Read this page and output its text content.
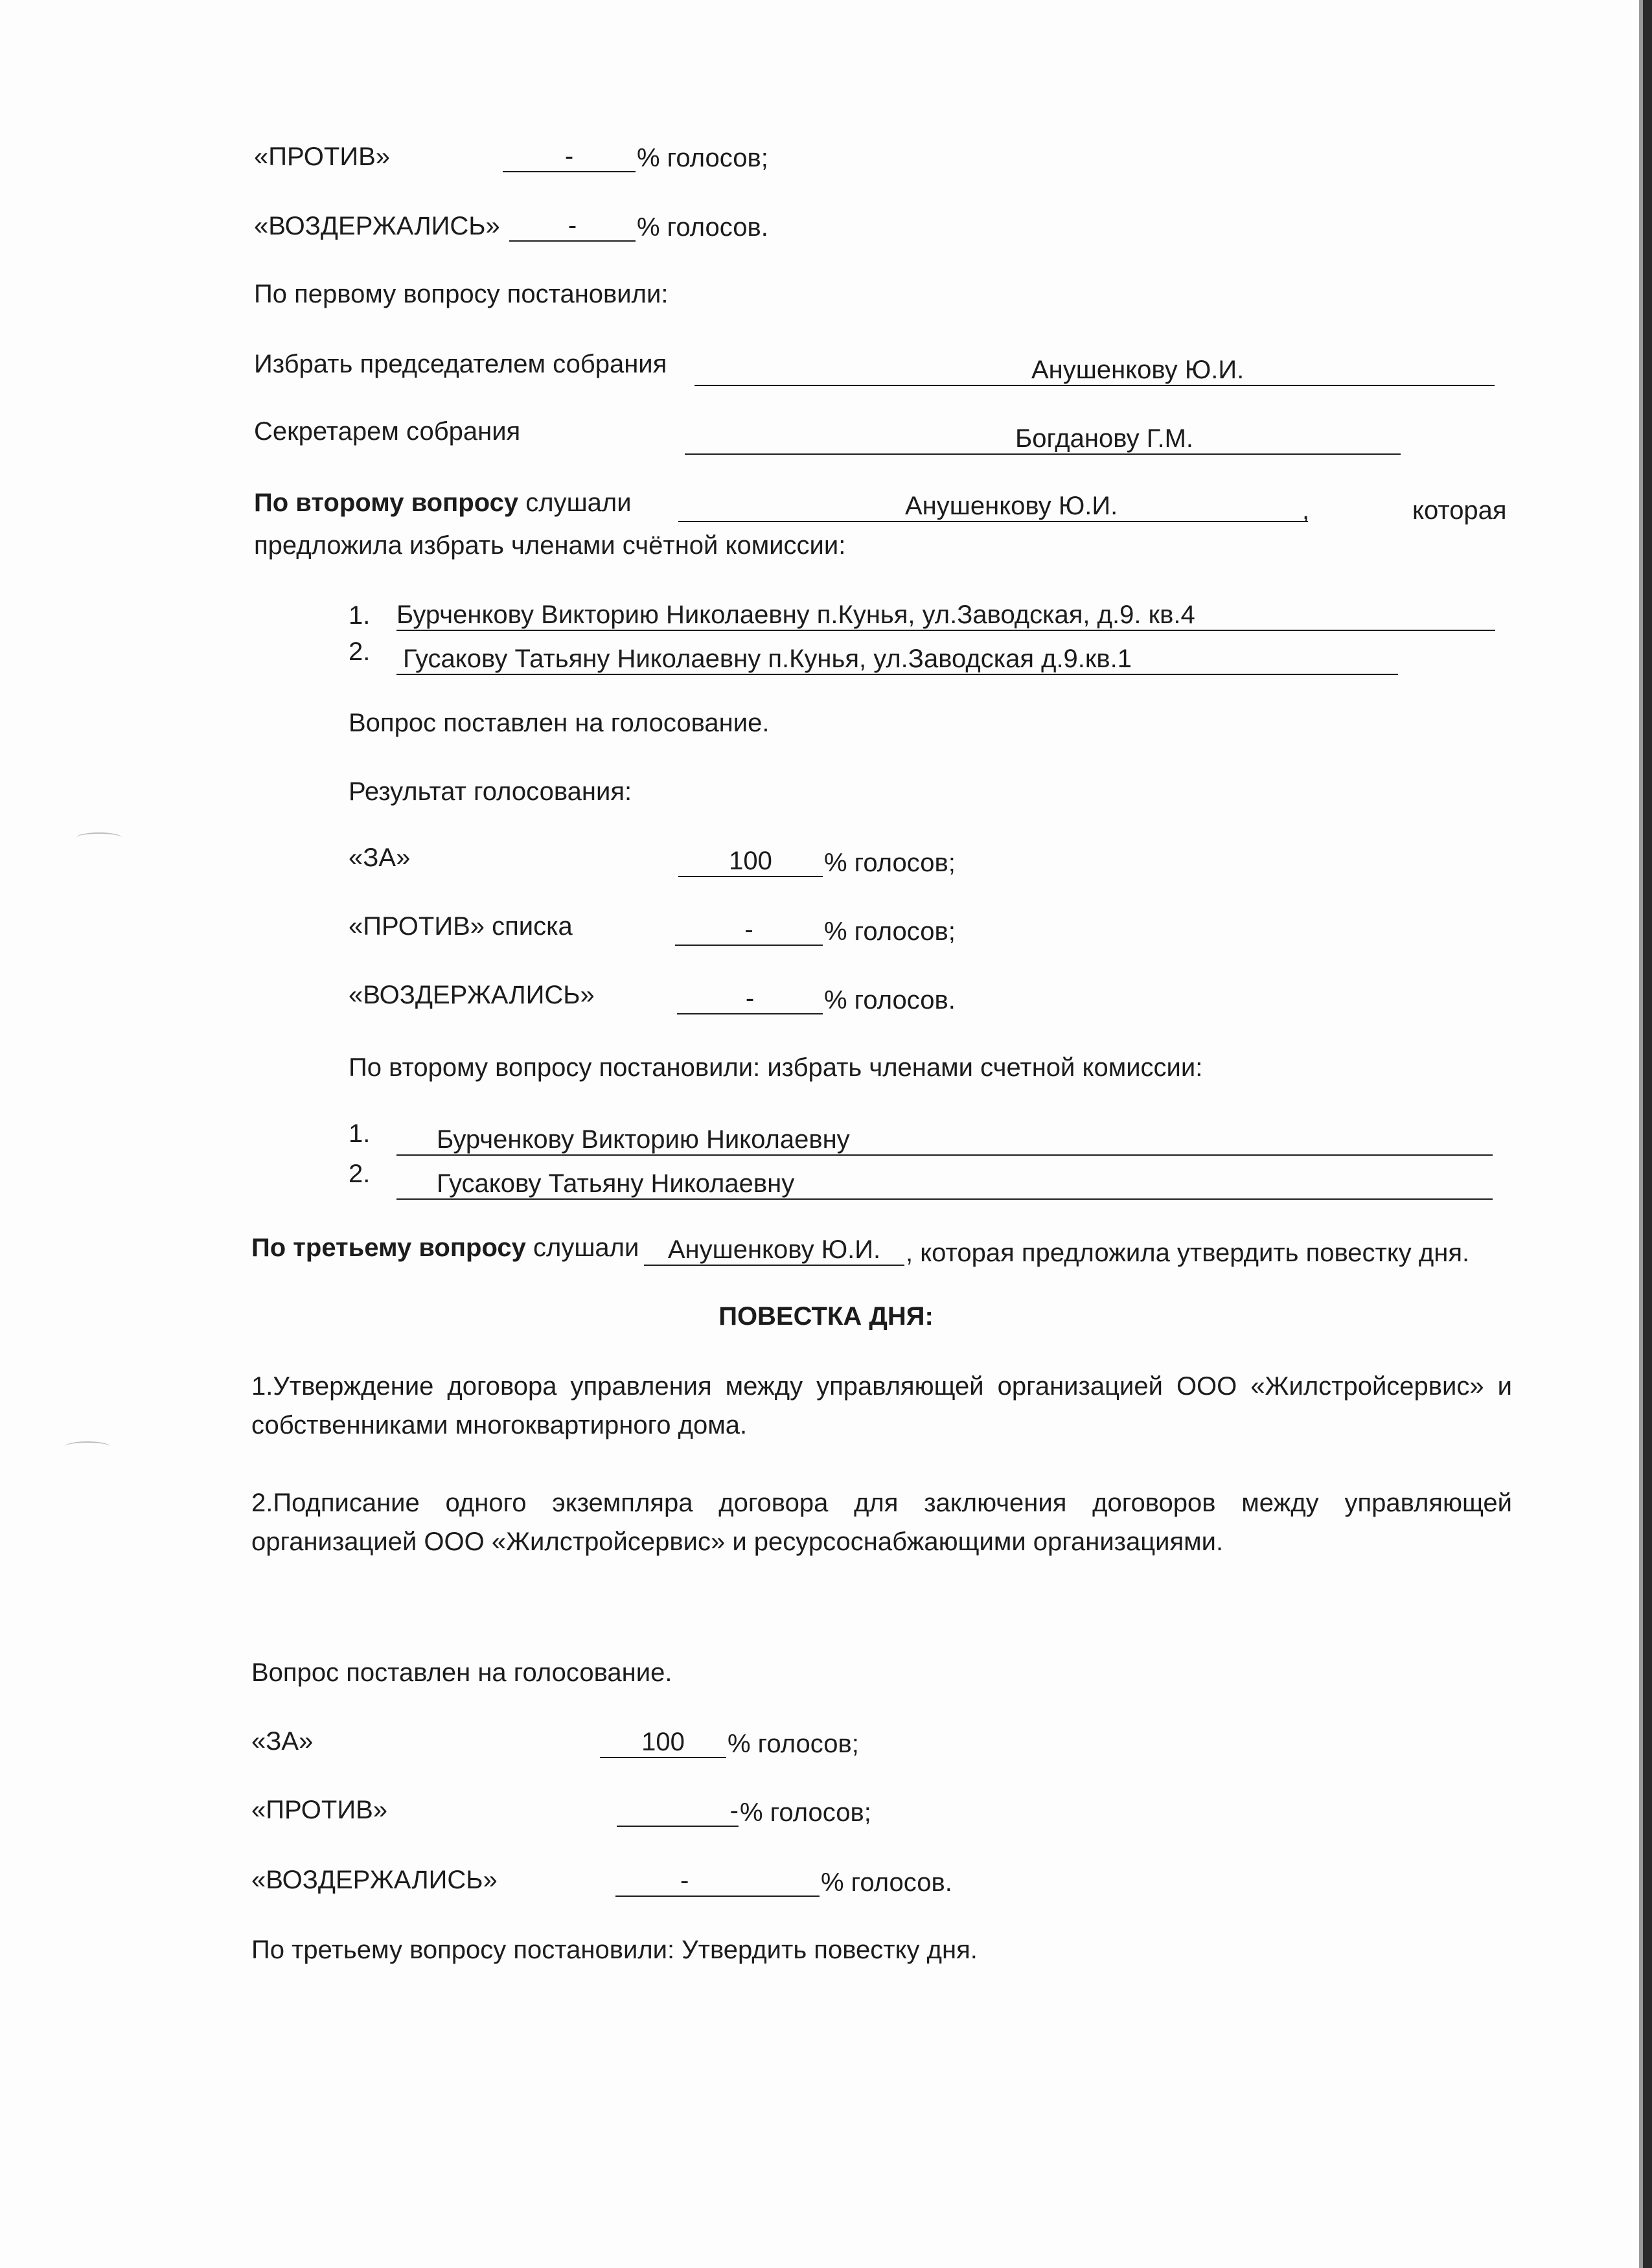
«ПРОТИВ»	-	% голосов;
«ВОЗДЕРЖАЛИСЬ»	-	% голосов.
По первому вопросу постановили:
Избрать председателем собрания	Анушенкову Ю.И.
Секретарем собрания	Богданову Г.М.
По второму вопросу слушали	Анушенкову Ю.И.	,	которая
предложила избрать членами счётной комиссии:
1. Бурченкову Викторию Николаевну п.Кунья, ул.Заводская, д.9. кв.4
2. Гусакову Татьяну Николаевну п.Кунья, ул.Заводская д.9.кв.1
Вопрос поставлен на голосование.
Результат голосования:
«ЗА»	100	% голосов;
«ПРОТИВ» списка	-	% голосов;
«ВОЗДЕРЖАЛИСЬ»	-	% голосов.
По второму вопросу постановили: избрать членами счетной комиссии:
1.	Бурченкову Викторию Николаевну
2.	Гусакову Татьяну Николаевну
По третьему вопросу слушали	Анушенкову Ю.И. , которая предложила утвердить повестку дня.
ПОВЕСТКА ДНЯ:
1.Утверждение договора управления между управляющей организацией ООО «Жилстройсервис» и собственниками многоквартирного дома.
2.Подписание одного экземпляра договора для заключения договоров между управляющей организацией ООО «Жилстройсервис» и ресурсоснабжающими организациями.
Вопрос поставлен на голосование.
«ЗА»	100	% голосов;
«ПРОТИВ»	- % голосов;
«ВОЗДЕРЖАЛИСЬ»	-	% голосов.
По третьему вопросу постановили: Утвердить повестку дня.
